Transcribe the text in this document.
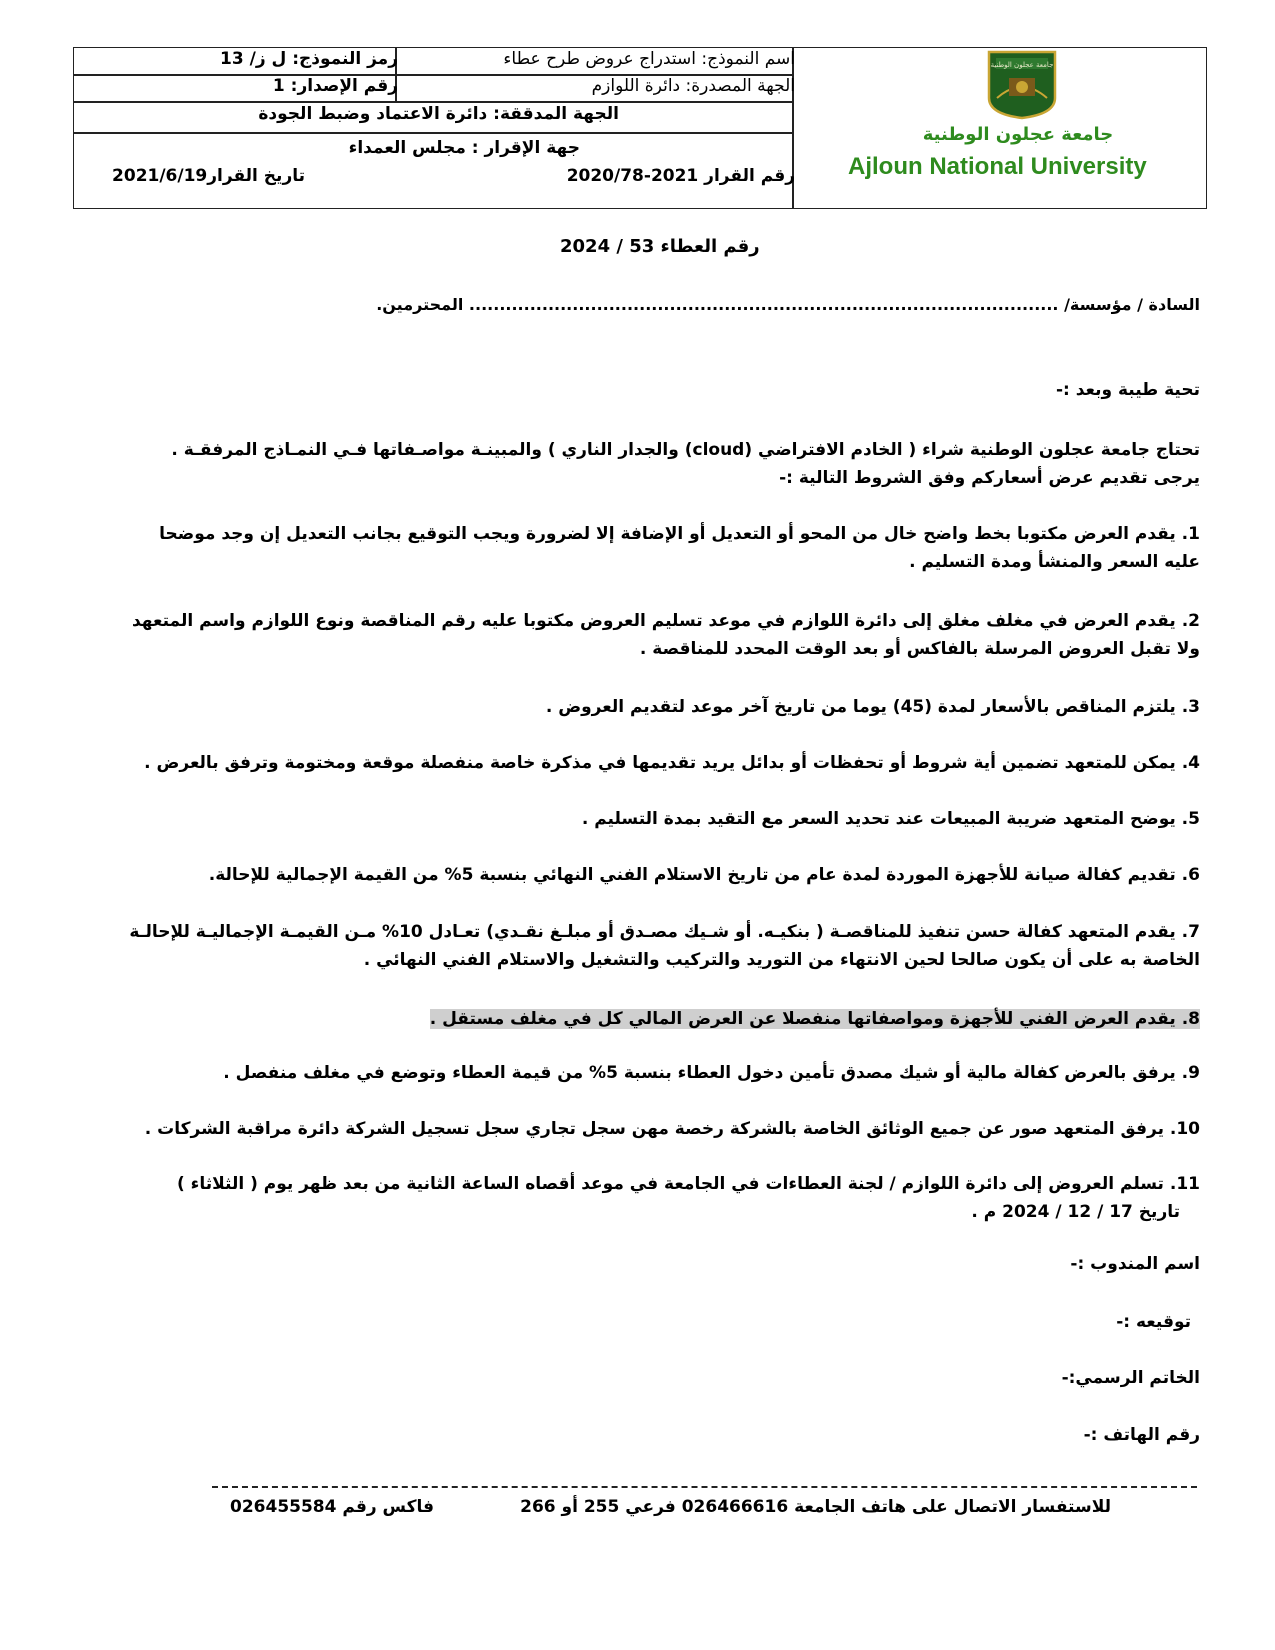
اسم النموذج: استدراج عروض طرح عطاء
رمز النموذج: ل ز/ 13
الجهة المصدرة: دائرة اللوازم
رقم الإصدار: 1
الجهة المدققة: دائرة الاعتماد وضبط الجودة
جهة الإقرار : مجلس العمداء
رقم القرار 2021-2020/78
تاريخ القرار2021/6/19
جامعة عجلون الوطنية
جامعة عجلون الوطنية
Ajloun National University
رقم العطاء 53 / 2024
السادة / مؤسسة/ ................................................................................................. المحترمين.
تحية طيبة وبعد :-
تحتاج جامعة عجلون الوطنية شراء ( الخادم الافتراضي (cloud) والجدار الناري ) والمبينـة مواصـفاتها فـي النمـاذج المرفقـة .
يرجى تقديم عرض أسعاركم وفق الشروط التالية :-
1. يقدم العرض مكتوبا بخط واضح خال من المحو أو التعديل أو الإضافة إلا لضرورة ويجب التوقيع بجانب التعديل إن وجد موضحا
عليه السعر والمنشأ ومدة التسليم .
2. يقدم العرض في مغلف مغلق إلى دائرة اللوازم في موعد تسليم العروض مكتوبا عليه رقم المناقصة ونوع اللوازم واسم المتعهد
ولا تقبل العروض المرسلة بالفاكس أو بعد الوقت المحدد للمناقصة .
3. يلتزم المناقص بالأسعار لمدة (45) يوما من تاريخ آخر موعد لتقديم العروض .
4. يمكن للمتعهد تضمين أية شروط أو تحفظات أو بدائل يريد تقديمها في مذكرة خاصة منفصلة موقعة ومختومة وترفق بالعرض .
5. يوضح المتعهد ضريبة المبيعات عند تحديد السعر مع التقيد بمدة التسليم .
6. تقديم كفالة صيانة للأجهزة الموردة لمدة عام من تاريخ الاستلام الفني النهائي بنسبة 5% من القيمة الإجمالية للإحالة.
7. يقدم المتعهد كفالة حسن تنفيذ للمناقصـة ( بنكيـه. أو شـيك مصـدق أو مبلـغ نقـدي) تعـادل 10% مـن القيمـة الإجماليـة للإحالـة
الخاصة به على أن يكون صالحا لحين الانتهاء من التوريد والتركيب والتشغيل والاستلام الفني النهائي .
8. يقدم العرض الفني للأجهزة ومواصفاتها منفصلا عن العرض المالي كل في مغلف مستقل .
9. يرفق بالعرض كفالة مالية أو شيك مصدق تأمين دخول العطاء بنسبة 5% من قيمة العطاء وتوضع في مغلف منفصل .
10. يرفق المتعهد صور عن جميع الوثائق الخاصة بالشركة رخصة مهن سجل تجاري سجل تسجيل الشركة دائرة مراقبة الشركات .
11. تسلم العروض إلى دائرة اللوازم / لجنة العطاءات في الجامعة في موعد أقصاه الساعة الثانية من بعد ظهر يوم ( الثلاثاء )
تاريخ 17 / 12 / 2024 م .
اسم المندوب :-
توقيعه :-
الخاتم الرسمي:-
رقم الهاتف :-
للاستفسار الاتصال على هاتف الجامعة 026466616 فرعي 255 أو 266
فاكس رقم 026455584
